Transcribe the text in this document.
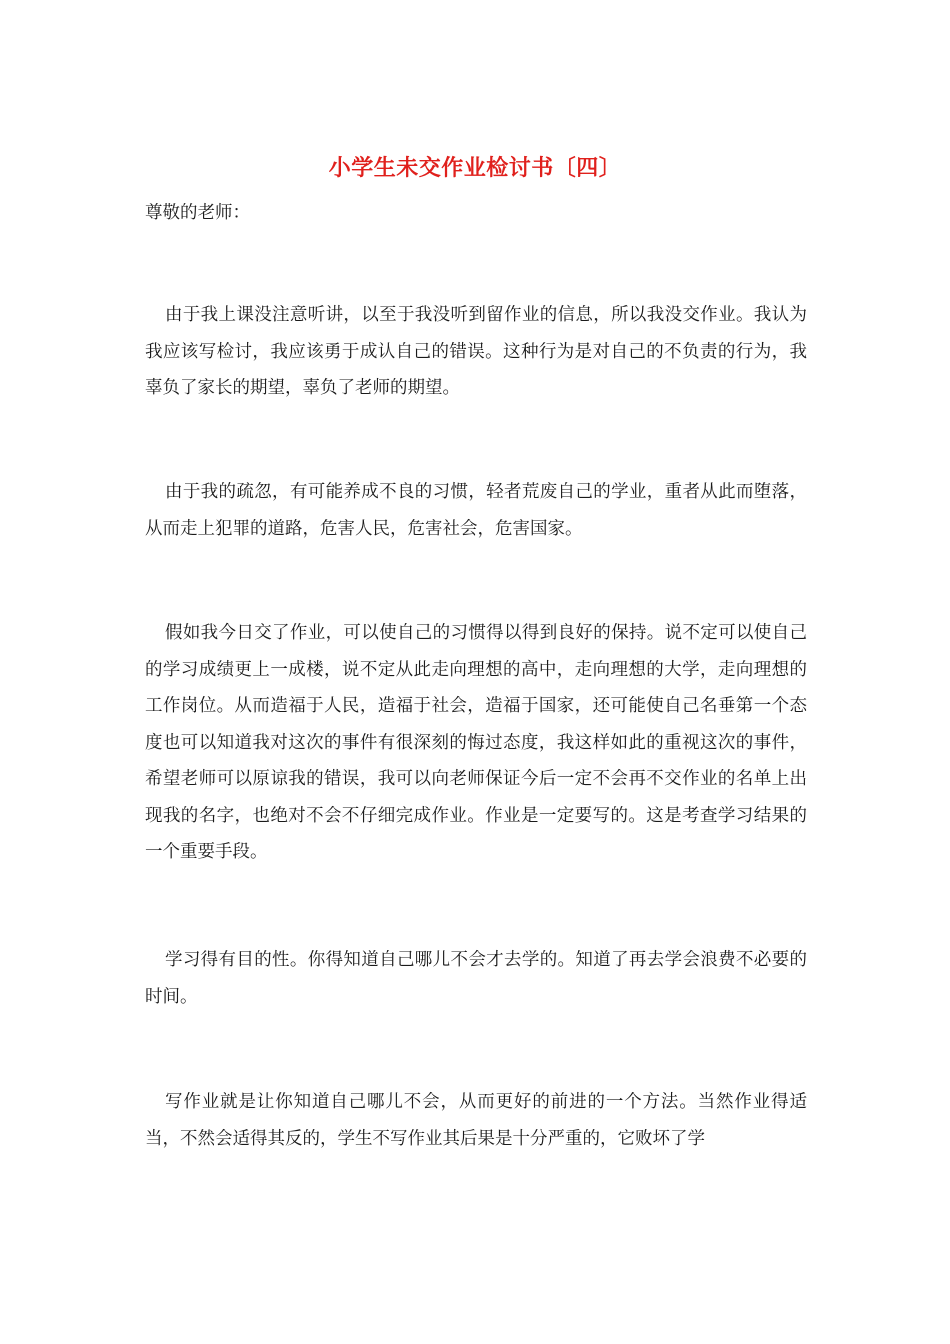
小学生未交作业检讨书〔四〕
尊敬的老师：

由于我上课没注意听讲，以至于我没听到留作业的信息，所以我没交作业。我认为我应该写检讨，我应该勇于成认自己的错误。这种行为是对自己的不负责的行为，我辜负了家长的期望，辜负了老师的期望。

由于我的疏忽，有可能养成不良的习惯，轻者荒废自己的学业，重者从此而堕落，从而走上犯罪的道路，危害人民，危害社会，危害国家。

假如我今日交了作业，可以使自己的习惯得以得到良好的保持。说不定可以使自己的学习成绩更上一成楼，说不定从此走向理想的高中，走向理想的大学，走向理想的工作岗位。从而造福于人民，造福于社会，造福于国家，还可能使自己名垂第一个态度也可以知道我对这次的事件有很深刻的悔过态度，我这样如此的重视这次的事件，希望老师可以原谅我的错误，我可以向老师保证今后一定不会再不交作业的名单上出现我的名字，也绝对不会不仔细完成作业。作业是一定要写的。这是考查学习结果的一个重要手段。

学习得有目的性。你得知道自己哪儿不会才去学的。知道了再去学会浪费不必要的时间。

写作业就是让你知道自己哪儿不会，从而更好的前进的一个方法。当然作业得适当，不然会适得其反的，学生不写作业其后果是十分严重的，它败坏了学
